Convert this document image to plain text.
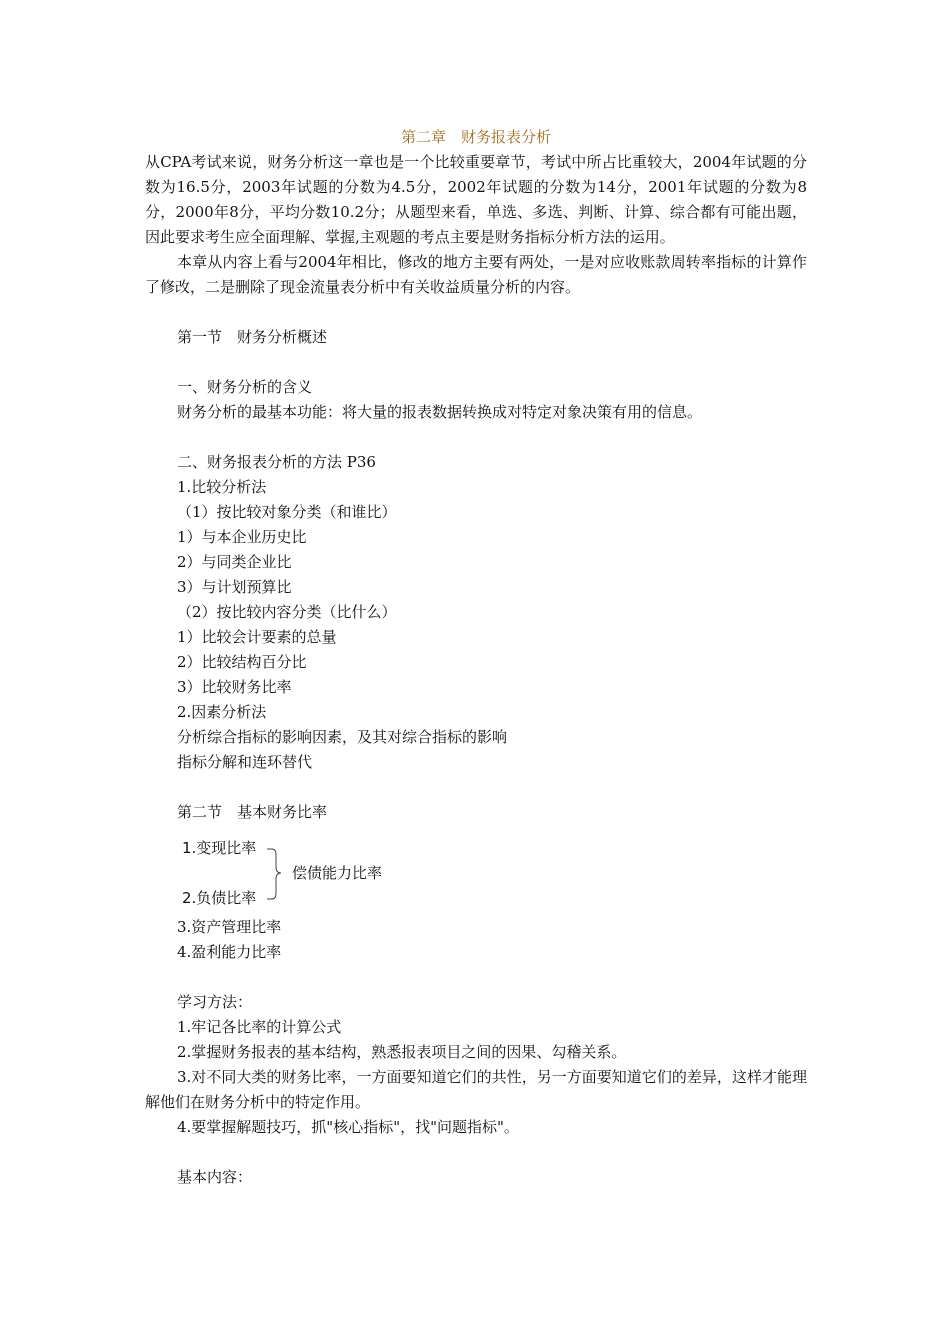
第二章　财务报表分析

从CPA考试来说，财务分析这一章也是一个比较重要章节，考试中所占比重较大，2004年试题的分数为16.5分，2003年试题的分数为4.5分，2002年试题的分数为14分，2001年试题的分数为8分，2000年8分，平均分数10.2分；从题型来看，单选、多选、判断、计算、综合都有可能出题，因此要求考生应全面理解、掌握,主观题的考点主要是财务指标分析方法的运用。

本章从内容上看与2004年相比，修改的地方主要有两处，一是对应收账款周转率指标的计算作了修改，二是删除了现金流量表分析中有关收益质量分析的内容。

第一节　财务分析概述

一、财务分析的含义

财务分析的最基本功能：将大量的报表数据转换成对特定对象决策有用的信息。

二、财务报表分析的方法 P36

1.比较分析法

（1）按比较对象分类（和谁比）

1）与本企业历史比

2）与同类企业比

3）与计划预算比

（2）按比较内容分类（比什么）

1）比较会计要素的总量

2）比较结构百分比

3）比较财务比率

2.因素分析法

分析综合指标的影响因素，及其对综合指标的影响

指标分解和连环替代

第二节　基本财务比率

1.变现比率
2.负债比率
偿债能力比率

3.资产管理比率

4.盈利能力比率

学习方法：

1.牢记各比率的计算公式

2.掌握财务报表的基本结构，熟悉报表项目之间的因果、勾稽关系。

3.对不同大类的财务比率，一方面要知道它们的共性，另一方面要知道它们的差异，这样才能理解他们在财务分析中的特定作用。

4.要掌握解题技巧，抓"核心指标"，找"问题指标"。

基本内容：
